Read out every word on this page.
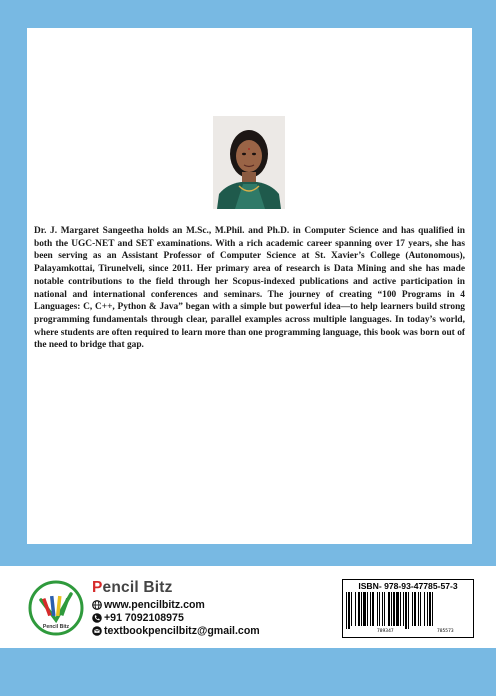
Dr. J. Margaret Sangeetha holds an M.Sc., M.Phil. and Ph.D. in Computer Science and has qualified in both the UGC-NET and SET examinations. With a rich academic career spanning over 17 years, she has been serving as an Assistant Professor of Computer Science at St. Xavier’s College (Autonomous), Palayamkottai, Tirunelveli, since 2011. Her primary area of research is Data Mining and she has made notable contributions to the field through her Scopus-indexed publications and active participation in national and international conferences and seminars. The journey of creating “100 Programs in 4 Languages: C, C++, Python & Java” began with a simple but powerful idea—to help learners build strong programming fundamentals through clear, parallel examples across multiple languages. In today’s world, where students are often required to learn more than one programming language, this book was born out of the need to bridge that gap.

Pencil Bitz
Pencil Bitz
www.pencilbitz.com
+91 7092108975
textbookpencilbitz@gmail.com
ISBN- 978-93-47785-57-3
789347	785573
